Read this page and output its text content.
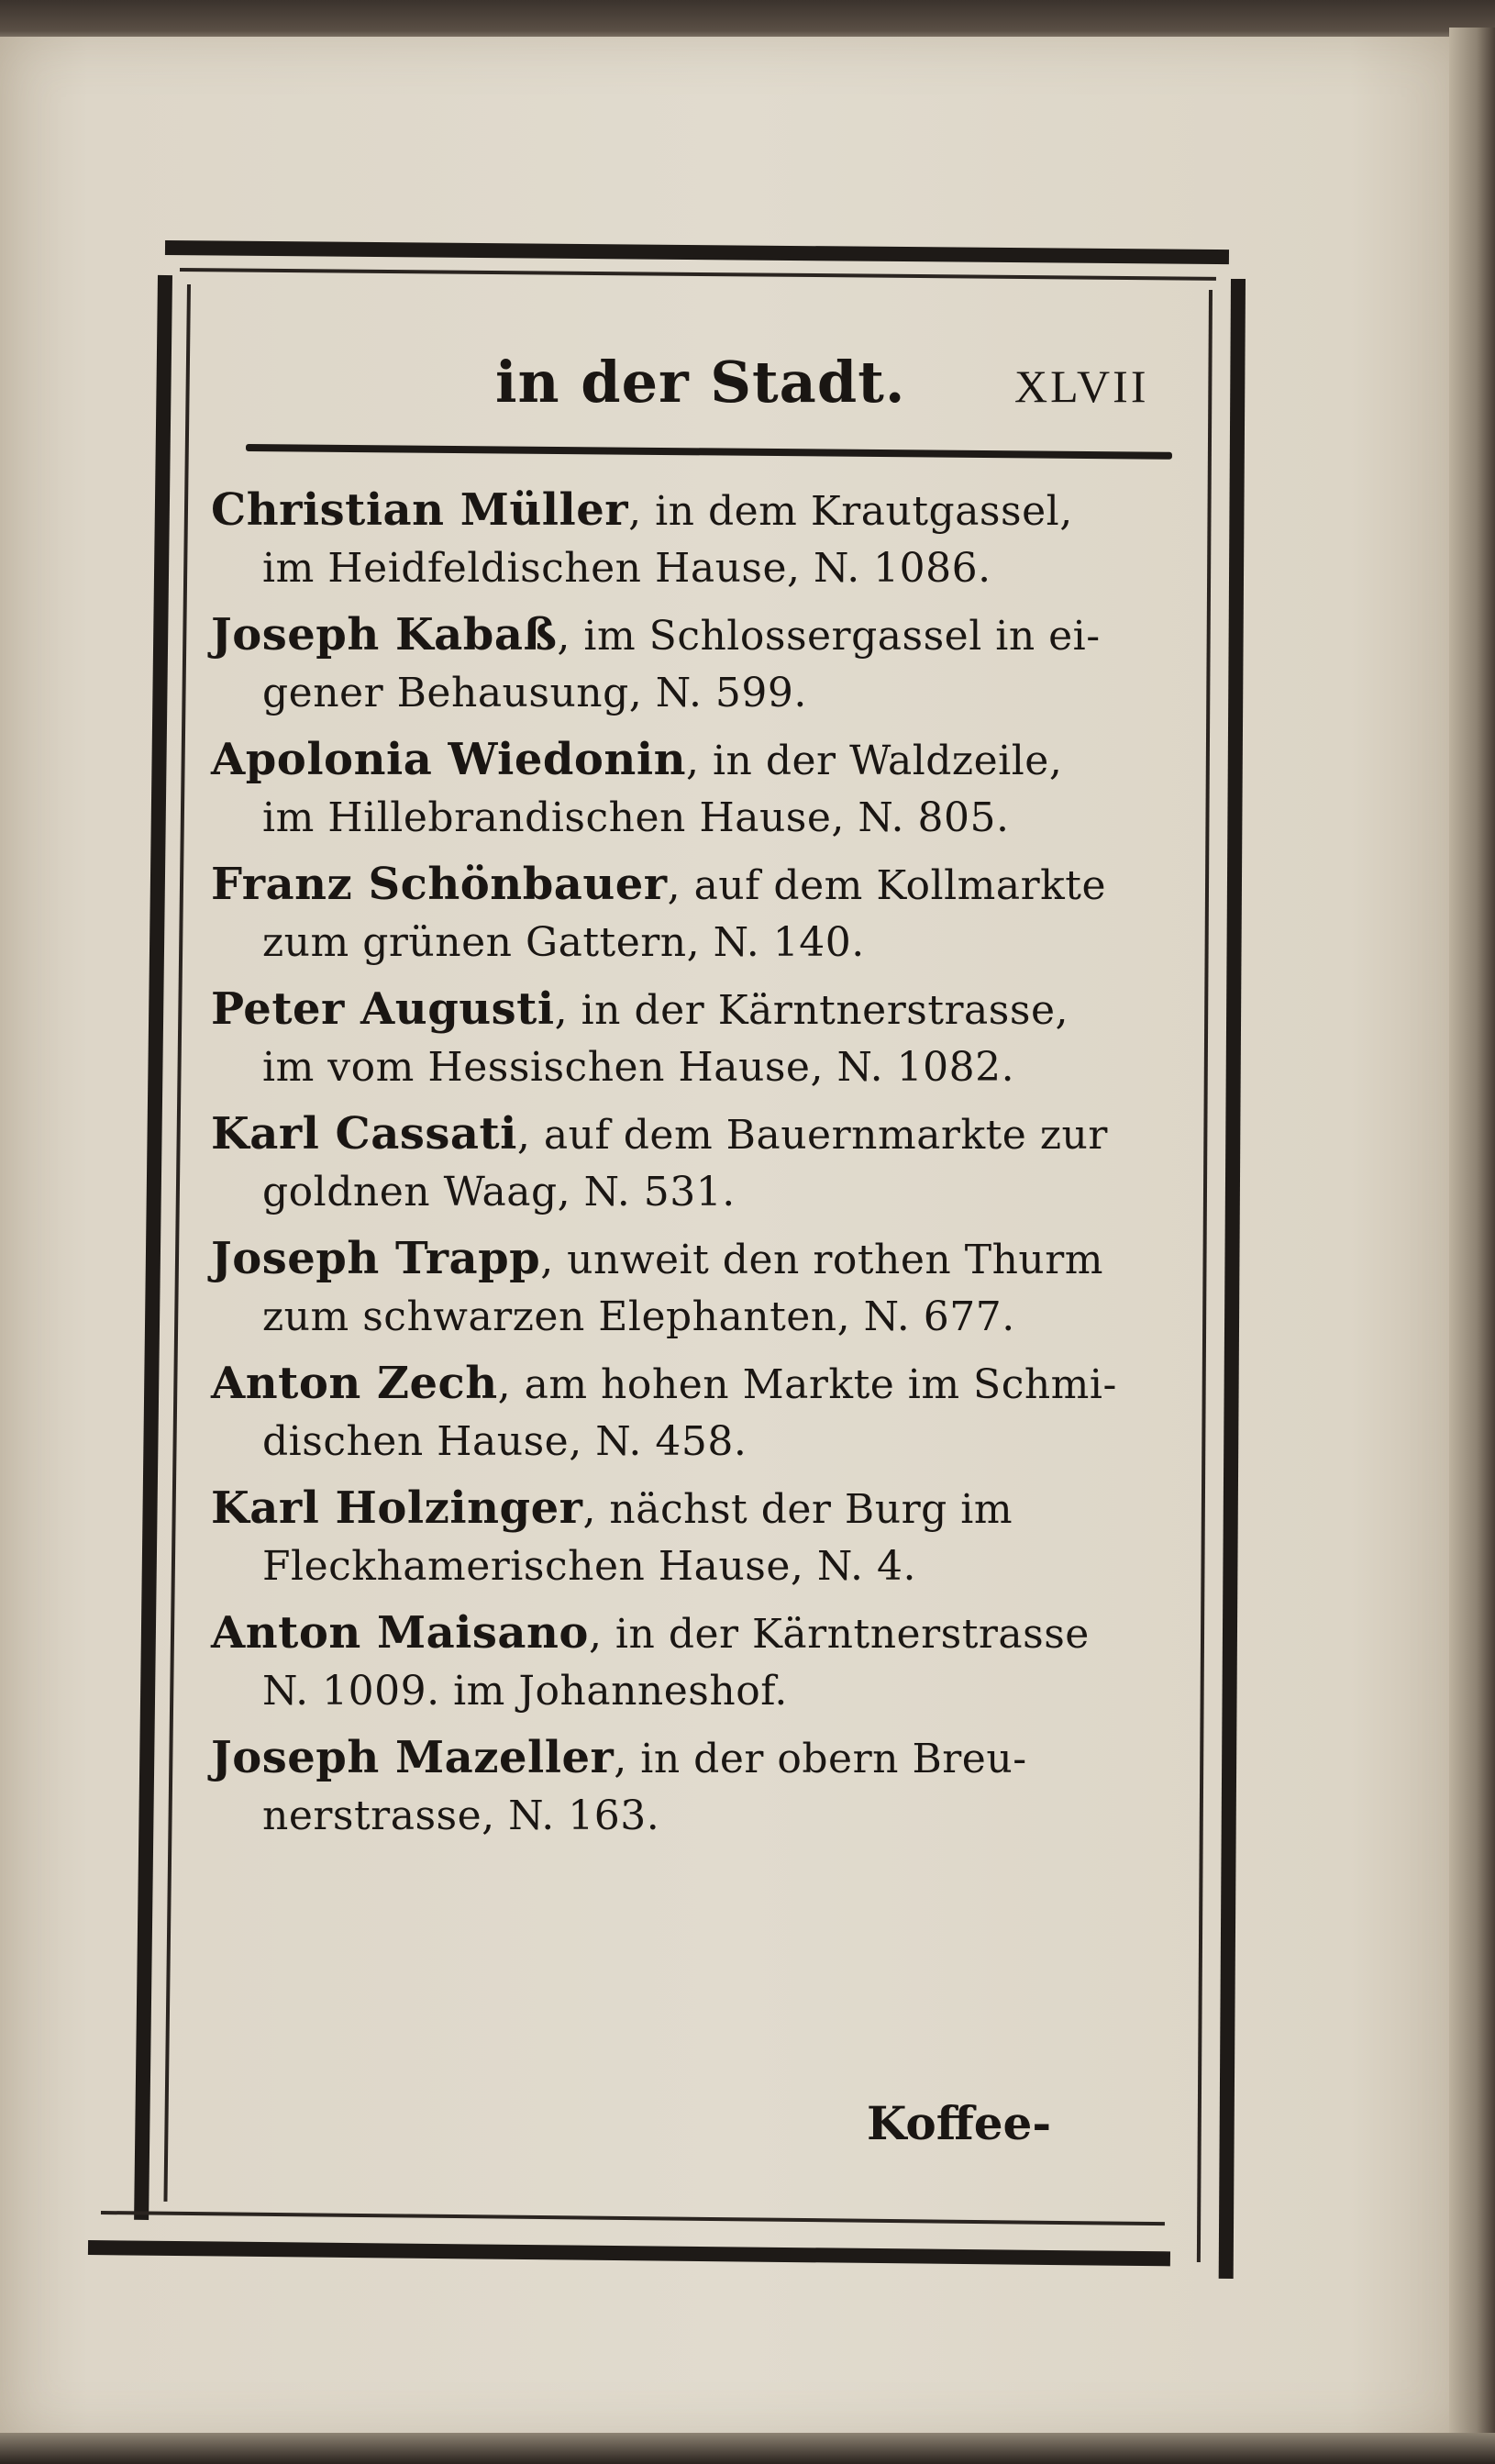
in der Stadt. XLVII
Christian Müller, in dem Krautgassel,
im Heidfeldischen Hause, N. 1086.
Joseph Kabaß, im Schlossergassel in ei-
gener Behausung, N. 599.
Apolonia Wiedonin, in der Waldzeile,
im Hillebrandischen Hause, N. 805.
Franz Schönbauer, auf dem Kollmarkte
zum grünen Gattern, N. 140.
Peter Augusti, in der Kärntnerstrasse,
im vom Hessischen Hause, N. 1082.
Karl Cassati, auf dem Bauernmarkte zur
goldnen Waag, N. 531.
Joseph Trapp, unweit den rothen Thurm
zum schwarzen Elephanten, N. 677.
Anton Zech, am hohen Markte im Schmi-
dischen Hause, N. 458.
Karl Holzinger, nächst der Burg im
Fleckhamerischen Hause, N. 4.
Anton Maisano, in der Kärntnerstrasse
N. 1009. im Johanneshof.
Joseph Mazeller, in der obern Breu-
nerstrasse, N. 163.
Koffee-
